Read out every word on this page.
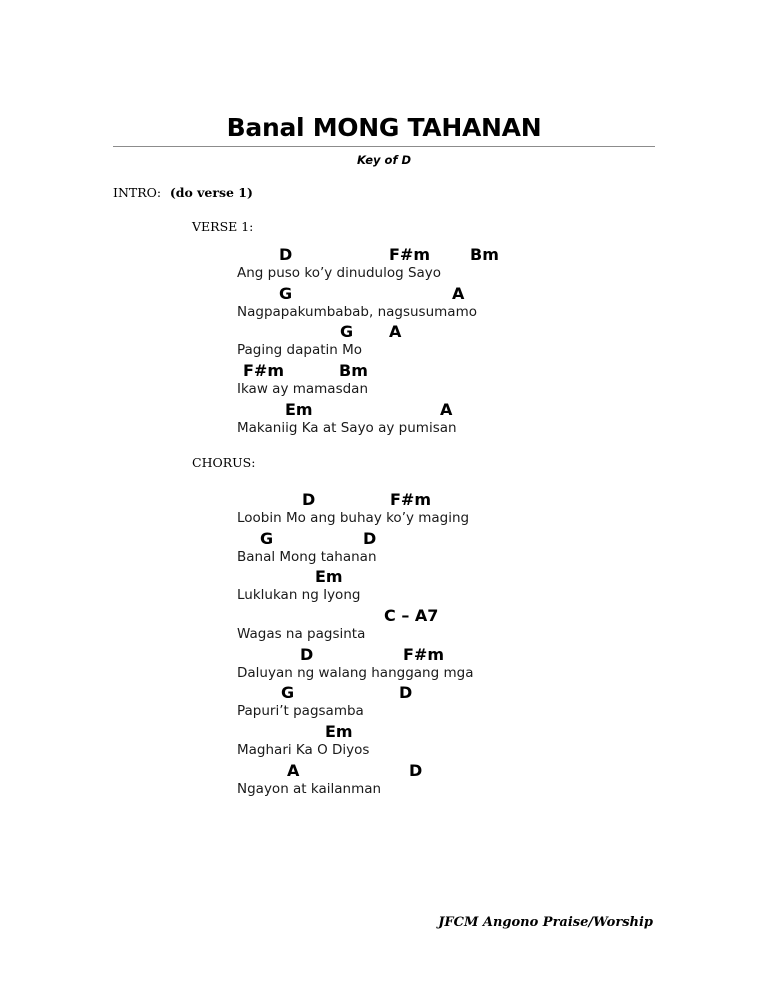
Banal MONG TAHANAN
Key of D
INTRO: (do verse 1)
VERSE 1:
D	F#m Bm
Ang puso ko’y dinudulog Sayo
G	A
Nagpapakumbabab, nagsusumamo
G A
Paging dapatin Mo
F#m	Bm
Ikaw ay mamasdan
Em	A
Makaniig Ka at Sayo ay pumisan
CHORUS:
D	F#m
Loobin Mo ang buhay ko’y maging
G	D
Banal Mong tahanan
Em
Luklukan ng Iyong
C – A7
Wagas na pagsinta
D	F#m
Daluyan ng walang hanggang mga
G	D
Papuri’t pagsamba
Em
Maghari Ka O Diyos
A	D
Ngayon at kailanman
JFCM Angono Praise/Worship
